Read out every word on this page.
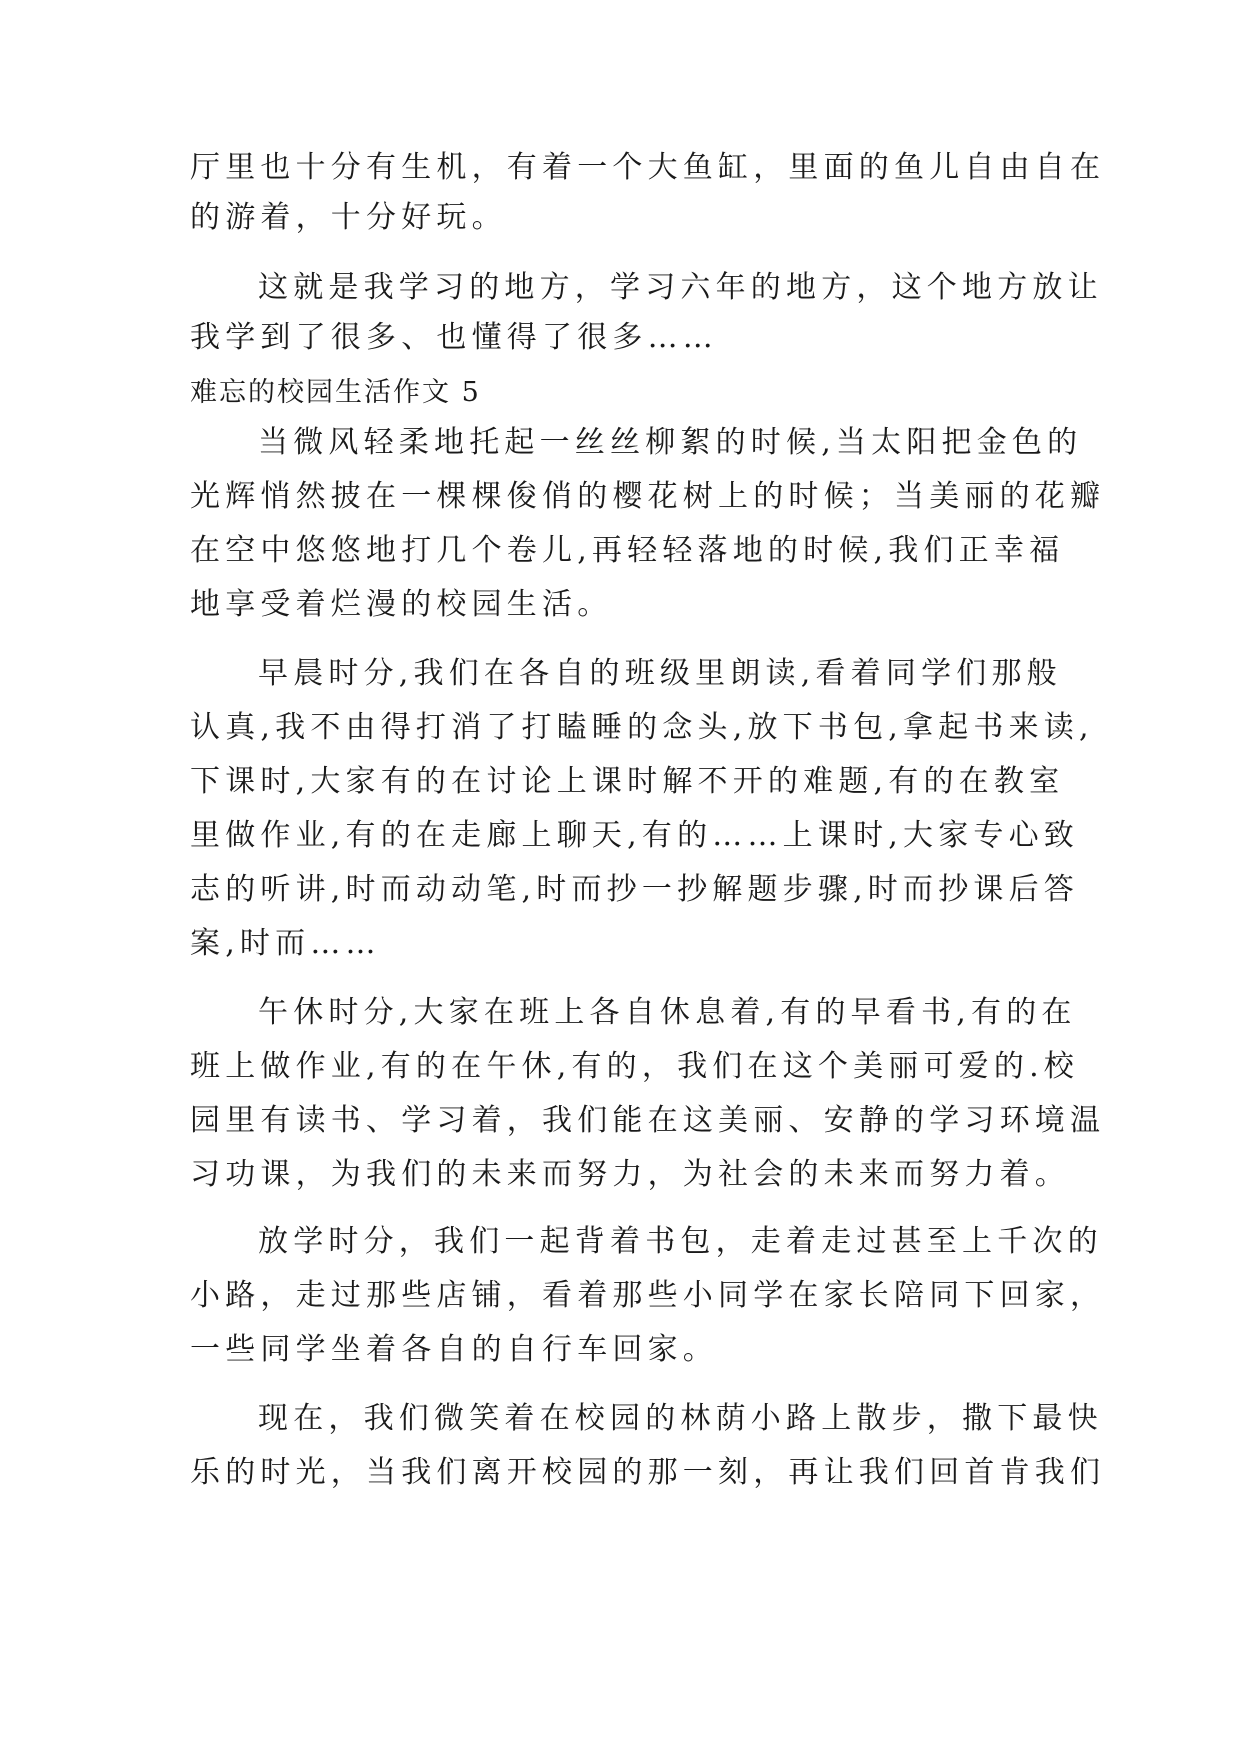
厅里也十分有生机，有着一个大鱼缸，里面的鱼儿自由自在
的游着，十分好玩。
这就是我学习的地方，学习六年的地方，这个地方放让
我学到了很多、也懂得了很多……
难忘的校园生活作文 5
当微风轻柔地托起一丝丝柳絮的时候,当太阳把金色的
光辉悄然披在一棵棵俊俏的樱花树上的时候；当美丽的花瓣
在空中悠悠地打几个卷儿,再轻轻落地的时候,我们正幸福
地享受着烂漫的校园生活。
早晨时分,我们在各自的班级里朗读,看着同学们那般
认真,我不由得打消了打瞌睡的念头,放下书包,拿起书来读,
下课时,大家有的在讨论上课时解不开的难题,有的在教室
里做作业,有的在走廊上聊天,有的……上课时,大家专心致
志的听讲,时而动动笔,时而抄一抄解题步骤,时而抄课后答
案,时而……
午休时分,大家在班上各自休息着,有的早看书,有的在
班上做作业,有的在午休,有的，我们在这个美丽可爱的.校
园里有读书、学习着，我们能在这美丽、安静的学习环境温
习功课，为我们的未来而努力，为社会的未来而努力着。
放学时分，我们一起背着书包，走着走过甚至上千次的
小路，走过那些店铺，看着那些小同学在家长陪同下回家，
一些同学坐着各自的自行车回家。
现在，我们微笑着在校园的林荫小路上散步，撒下最快
乐的时光，当我们离开校园的那一刻，再让我们回首肯我们
